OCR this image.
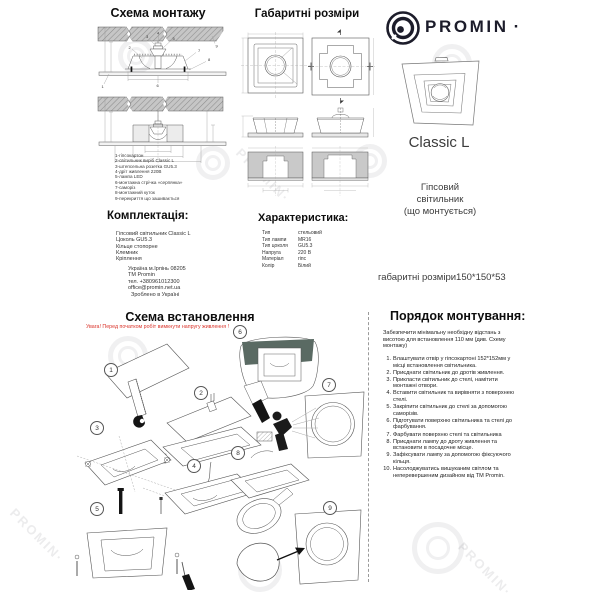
PROMIN·
PROMIN·
Схема монтажу
2
3
4
5
7
8
9
6
1
1-гіпсокартон
2-світильник виріб Classic L
3-штепсельна розетка GU5.3
4-дріт живлення 220В
5-лампа LED
6-монтажна стрічка «серпянка»
7-саморіз
8-монтажний куток
9-перекриття що зашивається
Комплектація:
Гіпсовий світильник Classic L
Цоколь GU5.3
Кільце стопорне
Клемник
Кріплення
Україна м.Ірпінь 08205
TM Promin
тел. +380961012300
office@promin.net.ua
Зроблено в Україні
Габаритні розміри
Характеристика:
Тип	стельовий
Тип лампи	MR16
Тип цоколя	GU5.3
Напруга	220 В
Матеріал	гіпс
Колір	Білий
PROMIN ·
Classic L
Гіпсовий
світильник
(що монтується)
габаритні розміри150*150*53
Схема встановлення
Увага! Перед початком робіт вимкнути напругу живлення !
1
2
3
4
5
6
7
8
9
Порядок монтування:
Забезпечити мінімальну необхідну відстань з висотою для встановлення 110 мм (див. Схему монтажу)
1. Влаштувати отвір у гіпсокартоні 152*152мм у місці встановлення світильника.
2. Приєднати світильник до дротів живлення.
3. Прикласти світильник до стелі, намітити монтажні отвори.
4. Вставити світильник та вирівняти з поверхнею стелі.
5. Закріпити світильник до стелі за допомогою саморізів.
6. Підготувати поверхню світильника та стелі до фарбування.
7. Фарбувати поверхню стелі та світильника
8. Приєднати лампу до дроту живлення та встановити в посадочне місце.
9. Зафіксувати лампу за допомогою фіксуючого кільця.
10. Насолоджуватись вишуканим світлом та неперевершеним дизайном від TM Promin.
